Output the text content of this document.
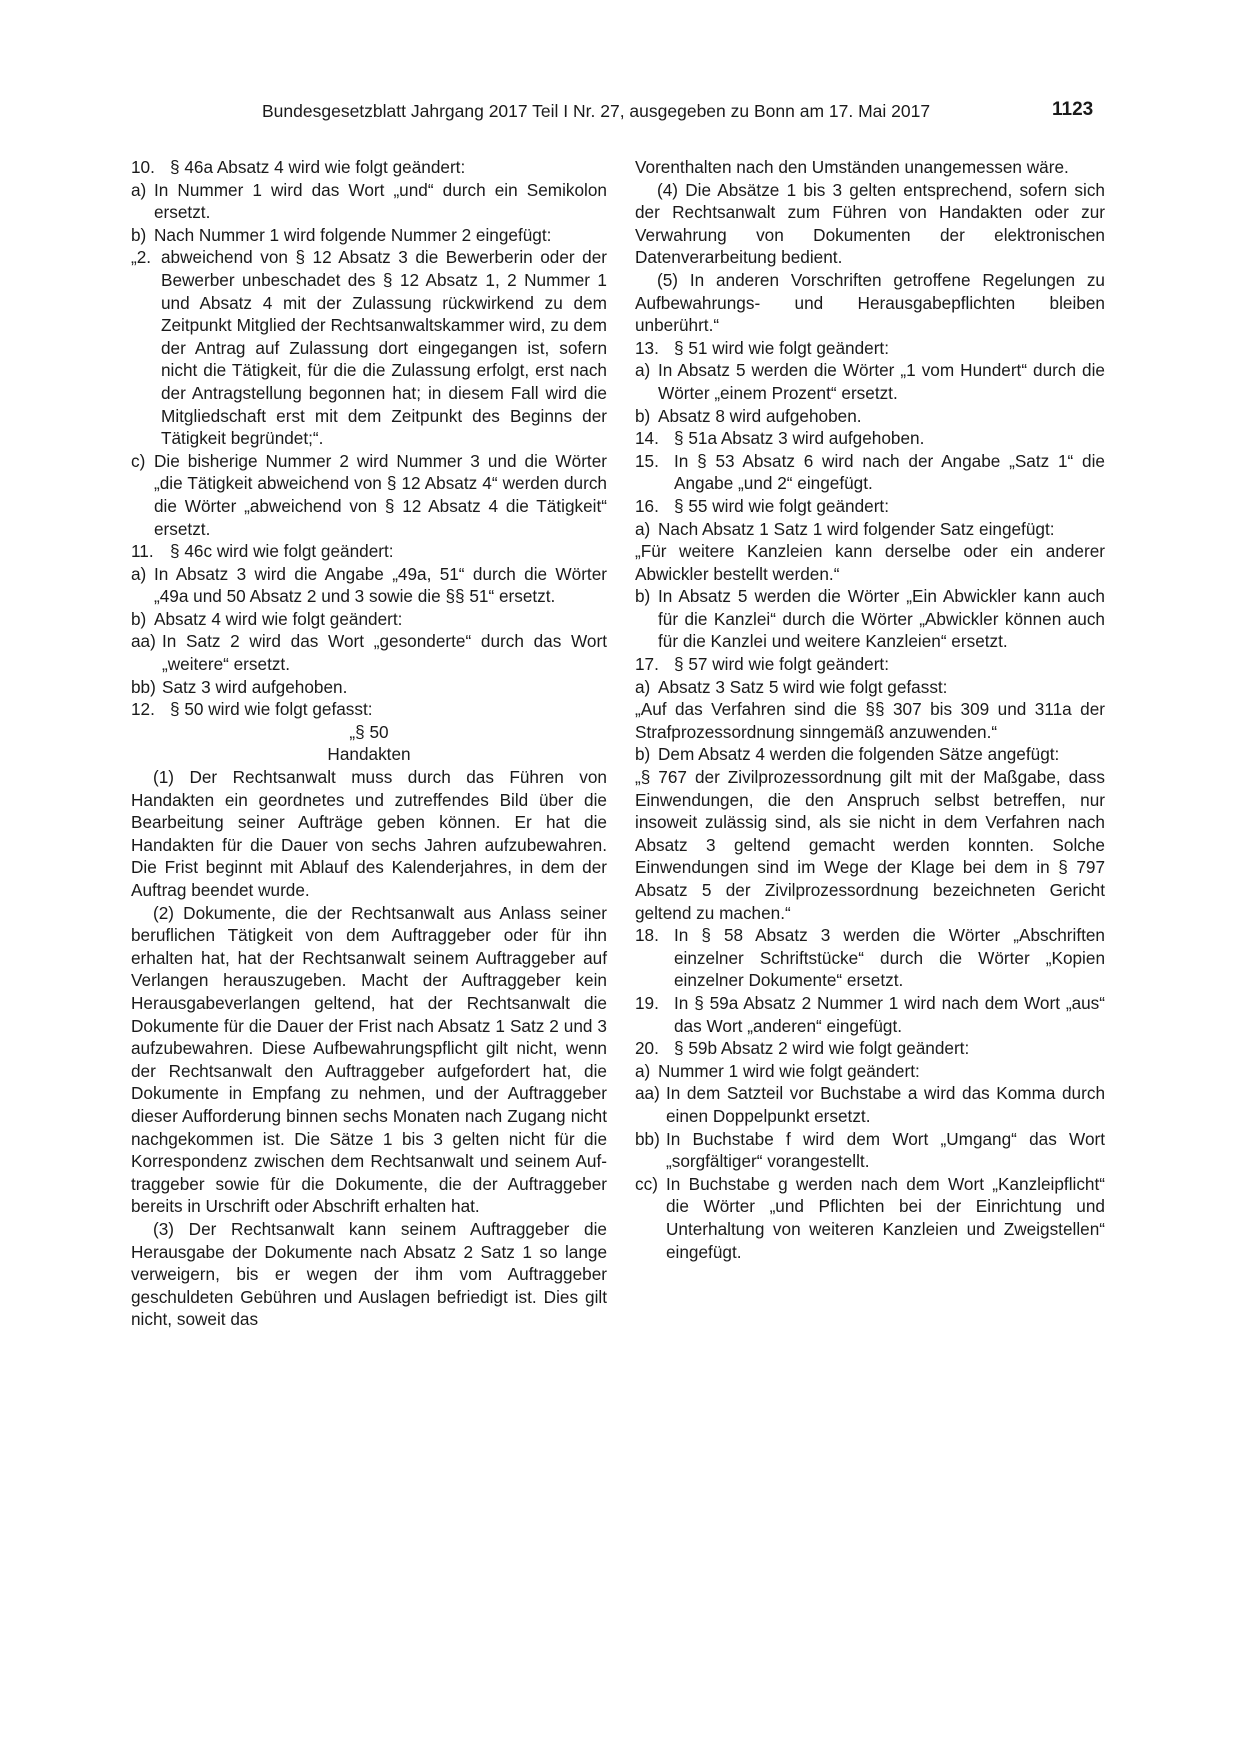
Bundesgesetzblatt Jahrgang 2017 Teil I Nr. 27, ausgegeben zu Bonn am 17. Mai 2017	1123
10. § 46a Absatz 4 wird wie folgt geändert:
a) In Nummer 1 wird das Wort „und“ durch ein Semikolon ersetzt.
b) Nach Nummer 1 wird folgende Nummer 2 eingefügt:
„2. abweichend von § 12 Absatz 3 die Bewerberin oder der Bewerber unbeschadet des § 12 Absatz 1, 2 Nummer 1 und Absatz 4 mit der Zulassung rückwirkend zu dem Zeitpunkt Mitglied der Rechtsanwaltskammer wird, zu dem der Antrag auf Zulassung dort eingegangen ist, sofern nicht die Tätigkeit, für die die Zulassung erfolgt, erst nach der Antragstellung begonnen hat; in diesem Fall wird die Mitgliedschaft erst mit dem Zeitpunkt des Beginns der Tätigkeit begründet;“.
c) Die bisherige Nummer 2 wird Nummer 3 und die Wörter „die Tätigkeit abweichend von § 12 Absatz 4“ werden durch die Wörter „abweichend von § 12 Absatz 4 die Tätigkeit“ ersetzt.
11. § 46c wird wie folgt geändert:
a) In Absatz 3 wird die Angabe „49a, 51“ durch die Wörter „49a und 50 Absatz 2 und 3 sowie die §§ 51“ ersetzt.
b) Absatz 4 wird wie folgt geändert:
aa) In Satz 2 wird das Wort „gesonderte“ durch das Wort „weitere“ ersetzt.
bb) Satz 3 wird aufgehoben.
12. § 50 wird wie folgt gefasst:
„§ 50
Handakten
(1) Der Rechtsanwalt muss durch das Führen von Handakten ein geordnetes und zutreffendes Bild über die Bearbeitung seiner Aufträge geben können. Er hat die Handakten für die Dauer von sechs Jahren aufzubewahren. Die Frist beginnt mit Ablauf des Kalenderjahres, in dem der Auftrag beendet wurde.
(2) Dokumente, die der Rechtsanwalt aus Anlass seiner beruflichen Tätigkeit von dem Auftraggeber oder für ihn erhalten hat, hat der Rechtsanwalt seinem Auftraggeber auf Verlangen herauszugeben. Macht der Auftraggeber kein Herausgabeverlangen geltend, hat der Rechtsanwalt die Dokumente für die Dauer der Frist nach Absatz 1 Satz 2 und 3 aufzubewahren. Diese Aufbewahrungspflicht gilt nicht, wenn der Rechtsanwalt den Auftraggeber aufgefordert hat, die Dokumente in Empfang zu nehmen, und der Auftraggeber dieser Aufforderung binnen sechs Monaten nach Zugang nicht nachgekommen ist. Die Sätze 1 bis 3 gelten nicht für die Korrespondenz zwischen dem Rechtsanwalt und seinem Auftraggeber sowie für die Dokumente, die der Auftraggeber bereits in Urschrift oder Abschrift erhalten hat.
(3) Der Rechtsanwalt kann seinem Auftraggeber die Herausgabe der Dokumente nach Absatz 2 Satz 1 so lange verweigern, bis er wegen der ihm vom Auftraggeber geschuldeten Gebühren und Auslagen befriedigt ist. Dies gilt nicht, soweit das
Vorenthalten nach den Umständen unangemessen wäre.
(4) Die Absätze 1 bis 3 gelten entsprechend, sofern sich der Rechtsanwalt zum Führen von Handakten oder zur Verwahrung von Dokumenten der elektronischen Datenverarbeitung bedient.
(5) In anderen Vorschriften getroffene Regelungen zu Aufbewahrungs- und Herausgabepflichten bleiben unberührt.“
13. § 51 wird wie folgt geändert:
a) In Absatz 5 werden die Wörter „1 vom Hundert“ durch die Wörter „einem Prozent“ ersetzt.
b) Absatz 8 wird aufgehoben.
14. § 51a Absatz 3 wird aufgehoben.
15. In § 53 Absatz 6 wird nach der Angabe „Satz 1“ die Angabe „und 2“ eingefügt.
16. § 55 wird wie folgt geändert:
a) Nach Absatz 1 Satz 1 wird folgender Satz eingefügt:
„Für weitere Kanzleien kann derselbe oder ein anderer Abwickler bestellt werden.“
b) In Absatz 5 werden die Wörter „Ein Abwickler kann auch für die Kanzlei“ durch die Wörter „Abwickler können auch für die Kanzlei und weitere Kanzleien“ ersetzt.
17. § 57 wird wie folgt geändert:
a) Absatz 3 Satz 5 wird wie folgt gefasst:
„Auf das Verfahren sind die §§ 307 bis 309 und 311a der Strafprozessordnung sinngemäß anzuwenden.“
b) Dem Absatz 4 werden die folgenden Sätze angefügt:
„§ 767 der Zivilprozessordnung gilt mit der Maßgabe, dass Einwendungen, die den Anspruch selbst betreffen, nur insoweit zulässig sind, als sie nicht in dem Verfahren nach Absatz 3 geltend gemacht werden konnten. Solche Einwendungen sind im Wege der Klage bei dem in § 797 Absatz 5 der Zivilprozessordnung bezeichneten Gericht geltend zu machen.“
18. In § 58 Absatz 3 werden die Wörter „Abschriften einzelner Schriftstücke“ durch die Wörter „Kopien einzelner Dokumente“ ersetzt.
19. In § 59a Absatz 2 Nummer 1 wird nach dem Wort „aus“ das Wort „anderen“ eingefügt.
20. § 59b Absatz 2 wird wie folgt geändert:
a) Nummer 1 wird wie folgt geändert:
aa) In dem Satzteil vor Buchstabe a wird das Komma durch einen Doppelpunkt ersetzt.
bb) In Buchstabe f wird dem Wort „Umgang“ das Wort „sorgfältiger“ vorangestellt.
cc) In Buchstabe g werden nach dem Wort „Kanzleipflicht“ die Wörter „und Pflichten bei der Einrichtung und Unterhaltung von weiteren Kanzleien und Zweigstellen“ eingefügt.
